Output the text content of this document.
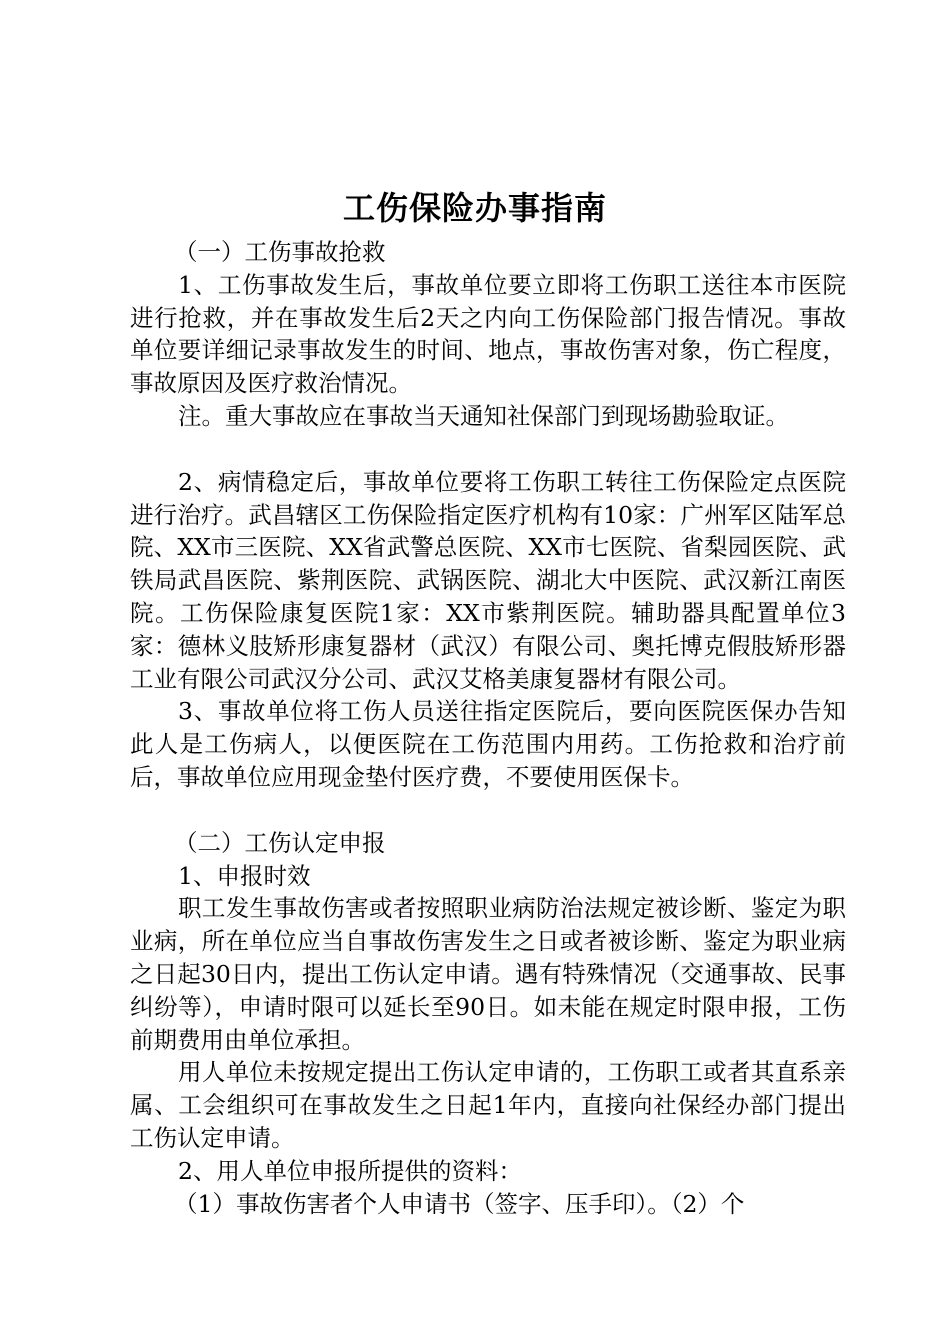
工伤保险办事指南

（一）工伤事故抢救

1、工伤事故发生后，事故单位要立即将工伤职工送往本市医院进行抢救，并在事故发生后2天之内向工伤保险部门报告情况。事故单位要详细记录事故发生的时间、地点，事故伤害对象，伤亡程度，事故原因及医疗救治情况。

注。重大事故应在事故当天通知社保部门到现场勘验取证。

2、病情稳定后，事故单位要将工伤职工转往工伤保险定点医院进行治疗。武昌辖区工伤保险指定医疗机构有10家：广州军区陆军总院、XX市三医院、XX省武警总医院、XX市七医院、省梨园医院、武铁局武昌医院、紫荆医院、武锅医院、湖北大中医院、武汉新江南医院。工伤保险康复医院1家：XX市紫荆医院。辅助器具配置单位3家：德林义肢矫形康复器材（武汉）有限公司、奥托博克假肢矫形器工业有限公司武汉分公司、武汉艾格美康复器材有限公司。

3、事故单位将工伤人员送往指定医院后，要向医院医保办告知此人是工伤病人，以便医院在工伤范围内用药。工伤抢救和治疗前后，事故单位应用现金垫付医疗费，不要使用医保卡。

（二）工伤认定申报

1、申报时效

职工发生事故伤害或者按照职业病防治法规定被诊断、鉴定为职业病，所在单位应当自事故伤害发生之日或者被诊断、鉴定为职业病之日起30日内，提出工伤认定申请。遇有特殊情况（交通事故、民事纠纷等），申请时限可以延长至90日。如未能在规定时限申报，工伤前期费用由单位承担。

用人单位未按规定提出工伤认定申请的，工伤职工或者其直系亲属、工会组织可在事故发生之日起1年内，直接向社保经办部门提出工伤认定申请。

2、用人单位申报所提供的资料：

（1）事故伤害者个人申请书（签字、压手印）。（2）个
